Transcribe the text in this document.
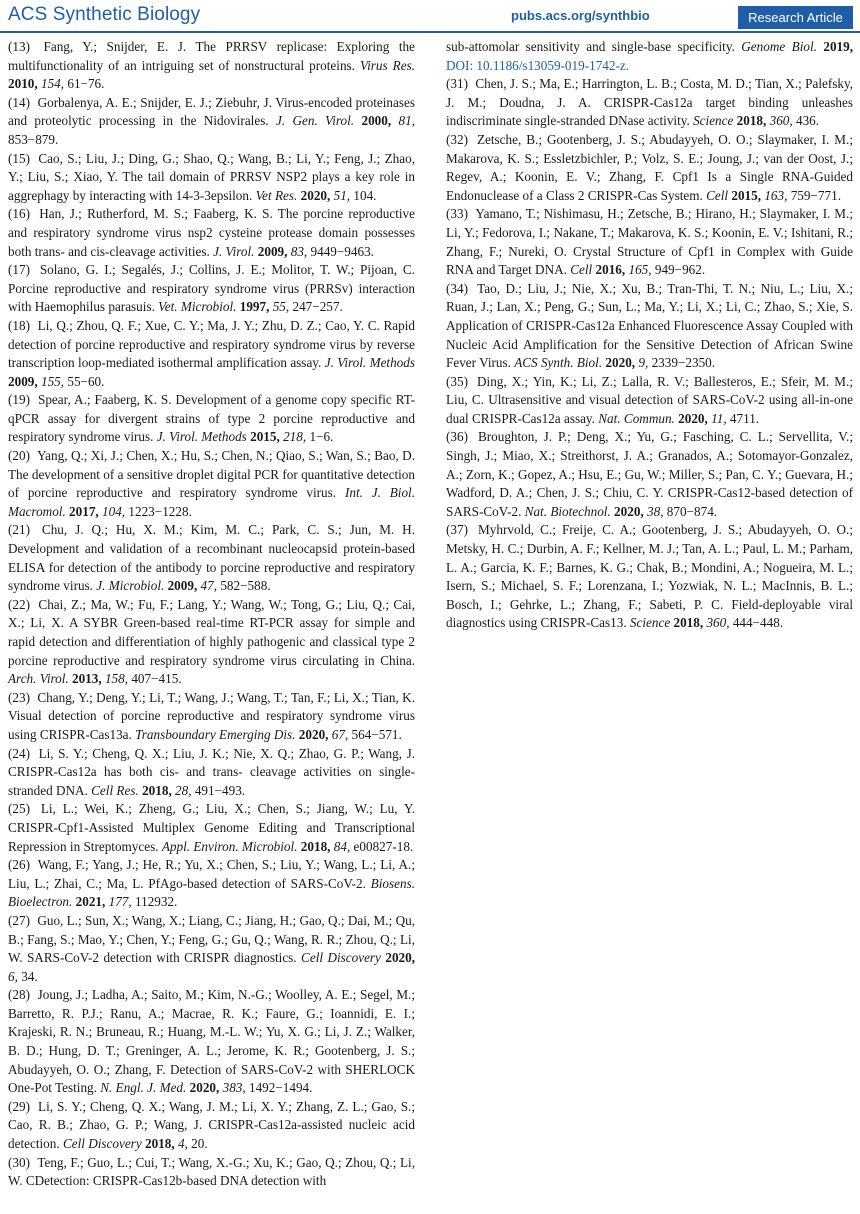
ACS Synthetic Biology	pubs.acs.org/synthbio	Research Article

(13) Fang, Y.; Snijder, E. J. The PRRSV replicase: Exploring the multifunctionality of an intriguing set of nonstructural proteins. Virus Res. 2010, 154, 61−76.

(14) Gorbalenya, A. E.; Snijder, E. J.; Ziebuhr, J. Virus-encoded proteinases and proteolytic processing in the Nidovirales. J. Gen. Virol. 2000, 81, 853−879.

(15) Cao, S.; Liu, J.; Ding, G.; Shao, Q.; Wang, B.; Li, Y.; Feng, J.; Zhao, Y.; Liu, S.; Xiao, Y. The tail domain of PRRSV NSP2 plays a key role in aggrephagy by interacting with 14-3-3epsilon. Vet Res. 2020, 51, 104.

(16) Han, J.; Rutherford, M. S.; Faaberg, K. S. The porcine reproductive and respiratory syndrome virus nsp2 cysteine protease domain possesses both trans- and cis-cleavage activities. J. Virol. 2009, 83, 9449−9463.

(17) Solano, G. I.; Segalés, J.; Collins, J. E.; Molitor, T. W.; Pijoan, C. Porcine reproductive and respiratory syndrome virus (PRRSv) interaction with Haemophilus parasuis. Vet. Microbiol. 1997, 55, 247−257.

(18) Li, Q.; Zhou, Q. F.; Xue, C. Y.; Ma, J. Y.; Zhu, D. Z.; Cao, Y. C. Rapid detection of porcine reproductive and respiratory syndrome virus by reverse transcription loop-mediated isothermal amplification assay. J. Virol. Methods 2009, 155, 55−60.

(19) Spear, A.; Faaberg, K. S. Development of a genome copy specific RT-qPCR assay for divergent strains of type 2 porcine reproductive and respiratory syndrome virus. J. Virol. Methods 2015, 218, 1−6.

(20) Yang, Q.; Xi, J.; Chen, X.; Hu, S.; Chen, N.; Qiao, S.; Wan, S.; Bao, D. The development of a sensitive droplet digital PCR for quantitative detection of porcine reproductive and respiratory syndrome virus. Int. J. Biol. Macromol. 2017, 104, 1223−1228.

(21) Chu, J. Q.; Hu, X. M.; Kim, M. C.; Park, C. S.; Jun, M. H. Development and validation of a recombinant nucleocapsid protein-based ELISA for detection of the antibody to porcine reproductive and respiratory syndrome virus. J. Microbiol. 2009, 47, 582−588.

(22) Chai, Z.; Ma, W.; Fu, F.; Lang, Y.; Wang, W.; Tong, G.; Liu, Q.; Cai, X.; Li, X. A SYBR Green-based real-time RT-PCR assay for simple and rapid detection and differentiation of highly pathogenic and classical type 2 porcine reproductive and respiratory syndrome virus circulating in China. Arch. Virol. 2013, 158, 407−415.

(23) Chang, Y.; Deng, Y.; Li, T.; Wang, J.; Wang, T.; Tan, F.; Li, X.; Tian, K. Visual detection of porcine reproductive and respiratory syndrome virus using CRISPR-Cas13a. Transboundary Emerging Dis. 2020, 67, 564−571.

(24) Li, S. Y.; Cheng, Q. X.; Liu, J. K.; Nie, X. Q.; Zhao, G. P.; Wang, J. CRISPR-Cas12a has both cis- and trans- cleavage activities on single-stranded DNA. Cell Res. 2018, 28, 491−493.

(25) Li, L.; Wei, K.; Zheng, G.; Liu, X.; Chen, S.; Jiang, W.; Lu, Y. CRISPR-Cpf1-Assisted Multiplex Genome Editing and Transcriptional Repression in Streptomyces. Appl. Environ. Microbiol. 2018, 84, e00827-18.

(26) Wang, F.; Yang, J.; He, R.; Yu, X.; Chen, S.; Liu, Y.; Wang, L.; Li, A.; Liu, L.; Zhai, C.; Ma, L. PfAgo-based detection of SARS-CoV-2. Biosens. Bioelectron. 2021, 177, 112932.

(27) Guo, L.; Sun, X.; Wang, X.; Liang, C.; Jiang, H.; Gao, Q.; Dai, M.; Qu, B.; Fang, S.; Mao, Y.; Chen, Y.; Feng, G.; Gu, Q.; Wang, R. R.; Zhou, Q.; Li, W. SARS-CoV-2 detection with CRISPR diagnostics. Cell Discovery 2020, 6, 34.

(28) Joung, J.; Ladha, A.; Saito, M.; Kim, N.-G.; Woolley, A. E.; Segel, M.; Barretto, R. P.J.; Ranu, A.; Macrae, R. K.; Faure, G.; Ioannidi, E. I.; Krajeski, R. N.; Bruneau, R.; Huang, M.-L. W.; Yu, X. G.; Li, J. Z.; Walker, B. D.; Hung, D. T.; Greninger, A. L.; Jerome, K. R.; Gootenberg, J. S.; Abudayyeh, O. O.; Zhang, F. Detection of SARS-CoV-2 with SHERLOCK One-Pot Testing. N. Engl. J. Med. 2020, 383, 1492−1494.

(29) Li, S. Y.; Cheng, Q. X.; Wang, J. M.; Li, X. Y.; Zhang, Z. L.; Gao, S.; Cao, R. B.; Zhao, G. P.; Wang, J. CRISPR-Cas12a-assisted nucleic acid detection. Cell Discovery 2018, 4, 20.

(30) Teng, F.; Guo, L.; Cui, T.; Wang, X.-G.; Xu, K.; Gao, Q.; Zhou, Q.; Li, W. CDetection: CRISPR-Cas12b-based DNA detection with

sub-attomolar sensitivity and single-base specificity. Genome Biol. 2019, DOI: 10.1186/s13059-019-1742-z.

(31) Chen, J. S.; Ma, E.; Harrington, L. B.; Costa, M. D.; Tian, X.; Palefsky, J. M.; Doudna, J. A. CRISPR-Cas12a target binding unleashes indiscriminate single-stranded DNase activity. Science 2018, 360, 436.

(32) Zetsche, B.; Gootenberg, J. S.; Abudayyeh, O. O.; Slaymaker, I. M.; Makarova, K. S.; Essletzbichler, P.; Volz, S. E.; Joung, J.; van der Oost, J.; Regev, A.; Koonin, E. V.; Zhang, F. Cpf1 Is a Single RNA-Guided Endonuclease of a Class 2 CRISPR-Cas System. Cell 2015, 163, 759−771.

(33) Yamano, T.; Nishimasu, H.; Zetsche, B.; Hirano, H.; Slaymaker, I. M.; Li, Y.; Fedorova, I.; Nakane, T.; Makarova, K. S.; Koonin, E. V.; Ishitani, R.; Zhang, F.; Nureki, O. Crystal Structure of Cpf1 in Complex with Guide RNA and Target DNA. Cell 2016, 165, 949−962.

(34) Tao, D.; Liu, J.; Nie, X.; Xu, B.; Tran-Thi, T. N.; Niu, L.; Liu, X.; Ruan, J.; Lan, X.; Peng, G.; Sun, L.; Ma, Y.; Li, X.; Li, C.; Zhao, S.; Xie, S. Application of CRISPR-Cas12a Enhanced Fluorescence Assay Coupled with Nucleic Acid Amplification for the Sensitive Detection of African Swine Fever Virus. ACS Synth. Biol. 2020, 9, 2339−2350.

(35) Ding, X.; Yin, K.; Li, Z.; Lalla, R. V.; Ballesteros, E.; Sfeir, M. M.; Liu, C. Ultrasensitive and visual detection of SARS-CoV-2 using all-in-one dual CRISPR-Cas12a assay. Nat. Commun. 2020, 11, 4711.

(36) Broughton, J. P.; Deng, X.; Yu, G.; Fasching, C. L.; Servellita, V.; Singh, J.; Miao, X.; Streithorst, J. A.; Granados, A.; Sotomayor-Gonzalez, A.; Zorn, K.; Gopez, A.; Hsu, E.; Gu, W.; Miller, S.; Pan, C. Y.; Guevara, H.; Wadford, D. A.; Chen, J. S.; Chiu, C. Y. CRISPR-Cas12-based detection of SARS-CoV-2. Nat. Biotechnol. 2020, 38, 870−874.

(37) Myhrvold, C.; Freije, C. A.; Gootenberg, J. S.; Abudayyeh, O. O.; Metsky, H. C.; Durbin, A. F.; Kellner, M. J.; Tan, A. L.; Paul, L. M.; Parham, L. A.; Garcia, K. F.; Barnes, K. G.; Chak, B.; Mondini, A.; Nogueira, M. L.; Isern, S.; Michael, S. F.; Lorenzana, I.; Yozwiak, N. L.; MacInnis, B. L.; Bosch, I.; Gehrke, L.; Zhang, F.; Sabeti, P. C. Field-deployable viral diagnostics using CRISPR-Cas13. Science 2018, 360, 444−448.
